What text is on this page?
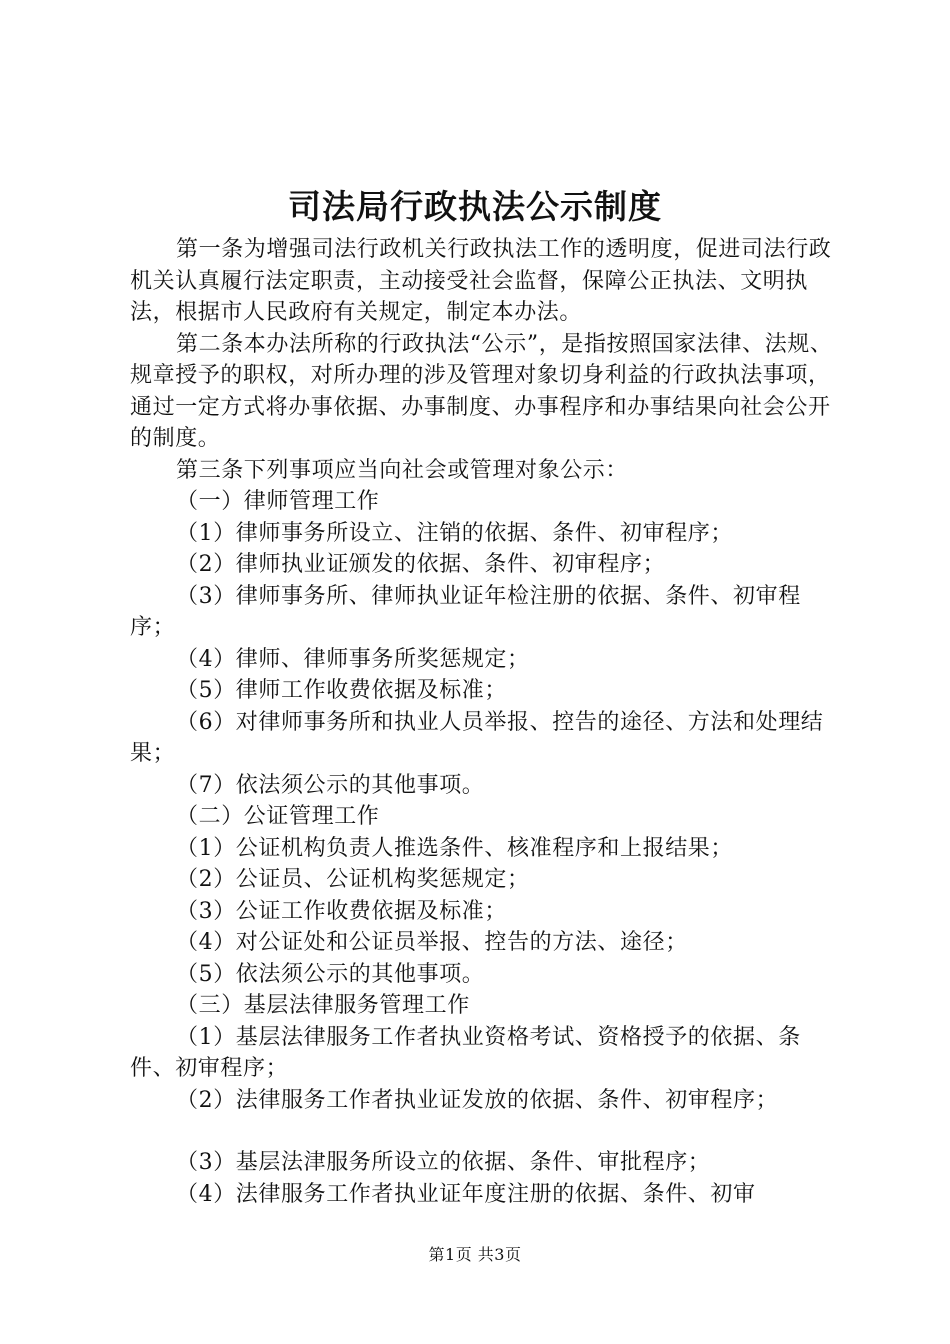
司法局行政执法公示制度

第一条为增强司法行政机关行政执法工作的透明度，促进司法行政机关认真履行法定职责，主动接受社会监督，保障公正执法、文明执法，根据市人民政府有关规定，制定本办法。

第二条本办法所称的行政执法“公示”，是指按照国家法律、法规、规章授予的职权，对所办理的涉及管理对象切身利益的行政执法事项，通过一定方式将办事依据、办事制度、办事程序和办事结果向社会公开的制度。

第三条下列事项应当向社会或管理对象公示：

（一）律师管理工作

（1）律师事务所设立、注销的依据、条件、初审程序；

（2）律师执业证颁发的依据、条件、初审程序；

（3）律师事务所、律师执业证年检注册的依据、条件、初审程序；

（4）律师、律师事务所奖惩规定；

（5）律师工作收费依据及标准；

（6）对律师事务所和执业人员举报、控告的途径、方法和处理结果；

（7）依法须公示的其他事项。

（二）公证管理工作

（1）公证机构负责人推选条件、核准程序和上报结果；

（2）公证员、公证机构奖惩规定；

（3）公证工作收费依据及标准；

（4）对公证处和公证员举报、控告的方法、途径；

（5）依法须公示的其他事项。

（三）基层法律服务管理工作

（1）基层法律服务工作者执业资格考试、资格授予的依据、条件、初审程序；

（2）法律服务工作者执业证发放的依据、条件、初审程序；

（3）基层法津服务所设立的依据、条件、审批程序；

（4）法律服务工作者执业证年度注册的依据、条件、初审

第1页 共3页
